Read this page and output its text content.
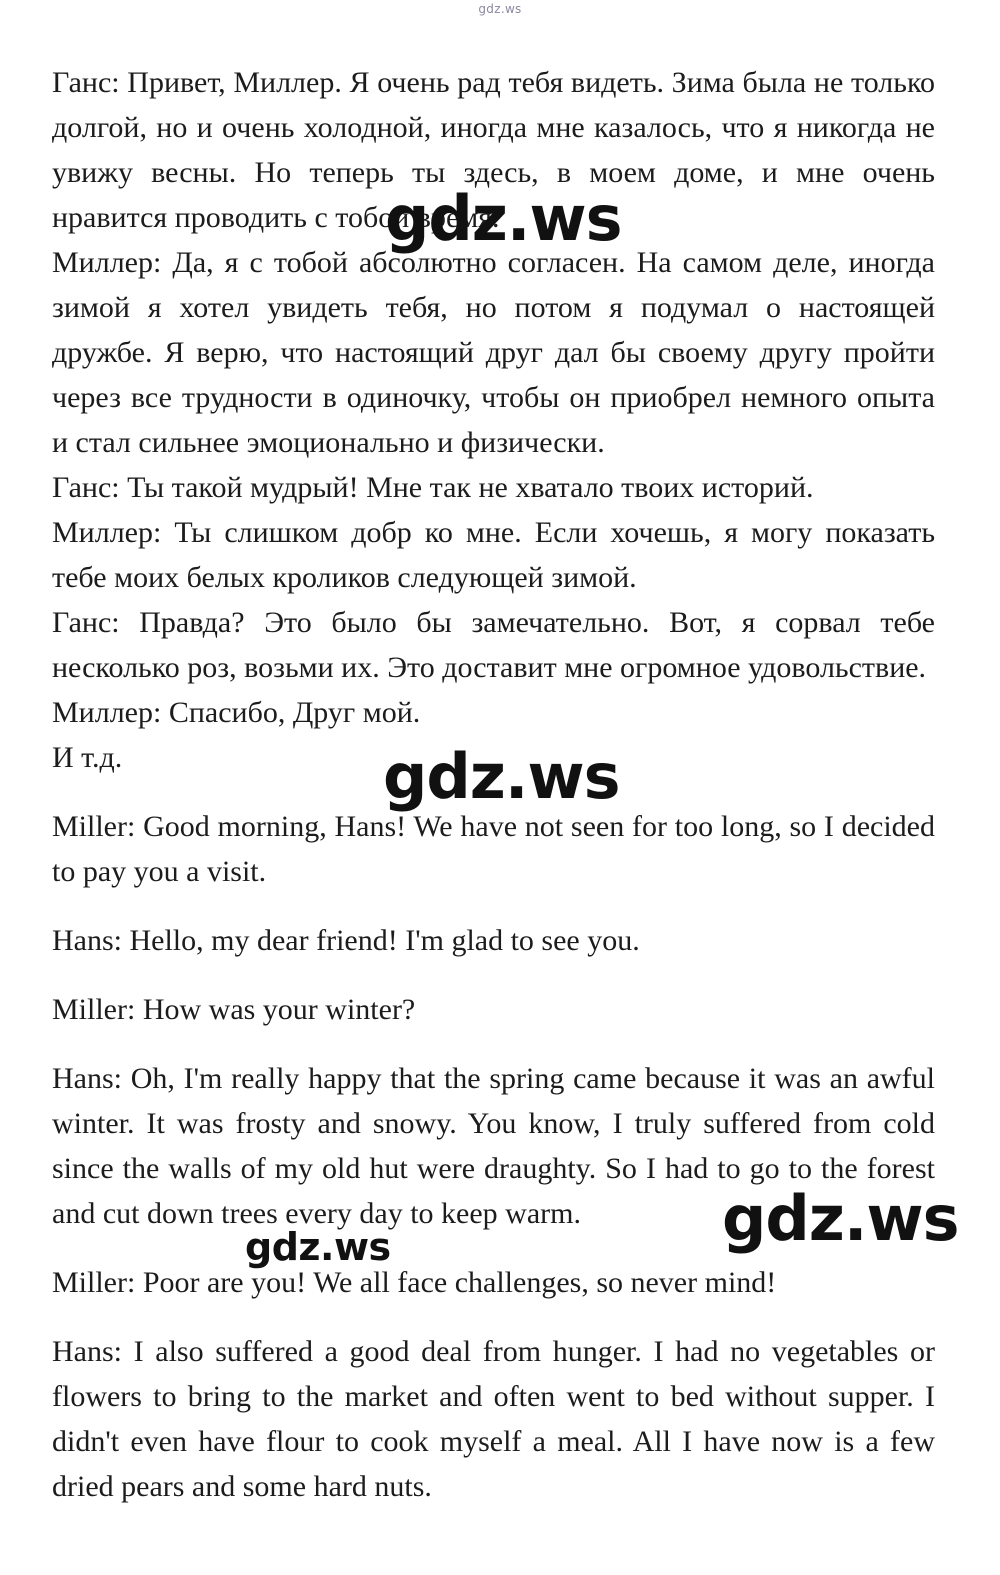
gdz.ws

Ганс: Привет, Миллер. Я очень рад тебя видеть. Зима была не только долгой, но и очень холодной, иногда мне казалось, что я никогда не увижу весны. Но теперь ты здесь, в моем доме, и мне очень нравится проводить с тобой время.

Миллер: Да, я с тобой абсолютно согласен. На самом деле, иногда зимой я хотел увидеть тебя, но потом я подумал о настоящей дружбе. Я верю, что настоящий друг дал бы своему другу пройти через все трудности в одиночку, чтобы он приобрел немного опыта и стал сильнее эмоционально и физически.

Ганс: Ты такой мудрый! Мне так не хватало твоих историй.

Миллер: Ты слишком добр ко мне. Если хочешь, я могу показать тебе моих белых кроликов следующей зимой.

Ганс: Правда? Это было бы замечательно. Вот, я сорвал тебе несколько роз, возьми их. Это доставит мне огромное удовольствие.

Миллер: Спасибо, Друг мой.

И т.д.

Miller: Good morning, Hans! We have not seen for too long, so I decided to pay you a visit.

Hans: Hello, my dear friend! I'm glad to see you.

Miller: How was your winter?

Hans: Oh, I'm really happy that the spring came because it was an awful winter. It was frosty and snowy. You know, I truly suffered from cold since the walls of my old hut were draughty. So I had to go to the forest and cut down trees every day to keep warm.

Miller: Poor are you! We all face challenges, so never mind!

Hans: I also suffered a good deal from hunger. I had no vegetables or flowers to bring to the market and often went to bed without supper. I didn't even have flour to cook myself a meal. All I have now is a few dried pears and some hard nuts.

gdz.ws
gdz.ws
gdz.ws
gdz.ws
